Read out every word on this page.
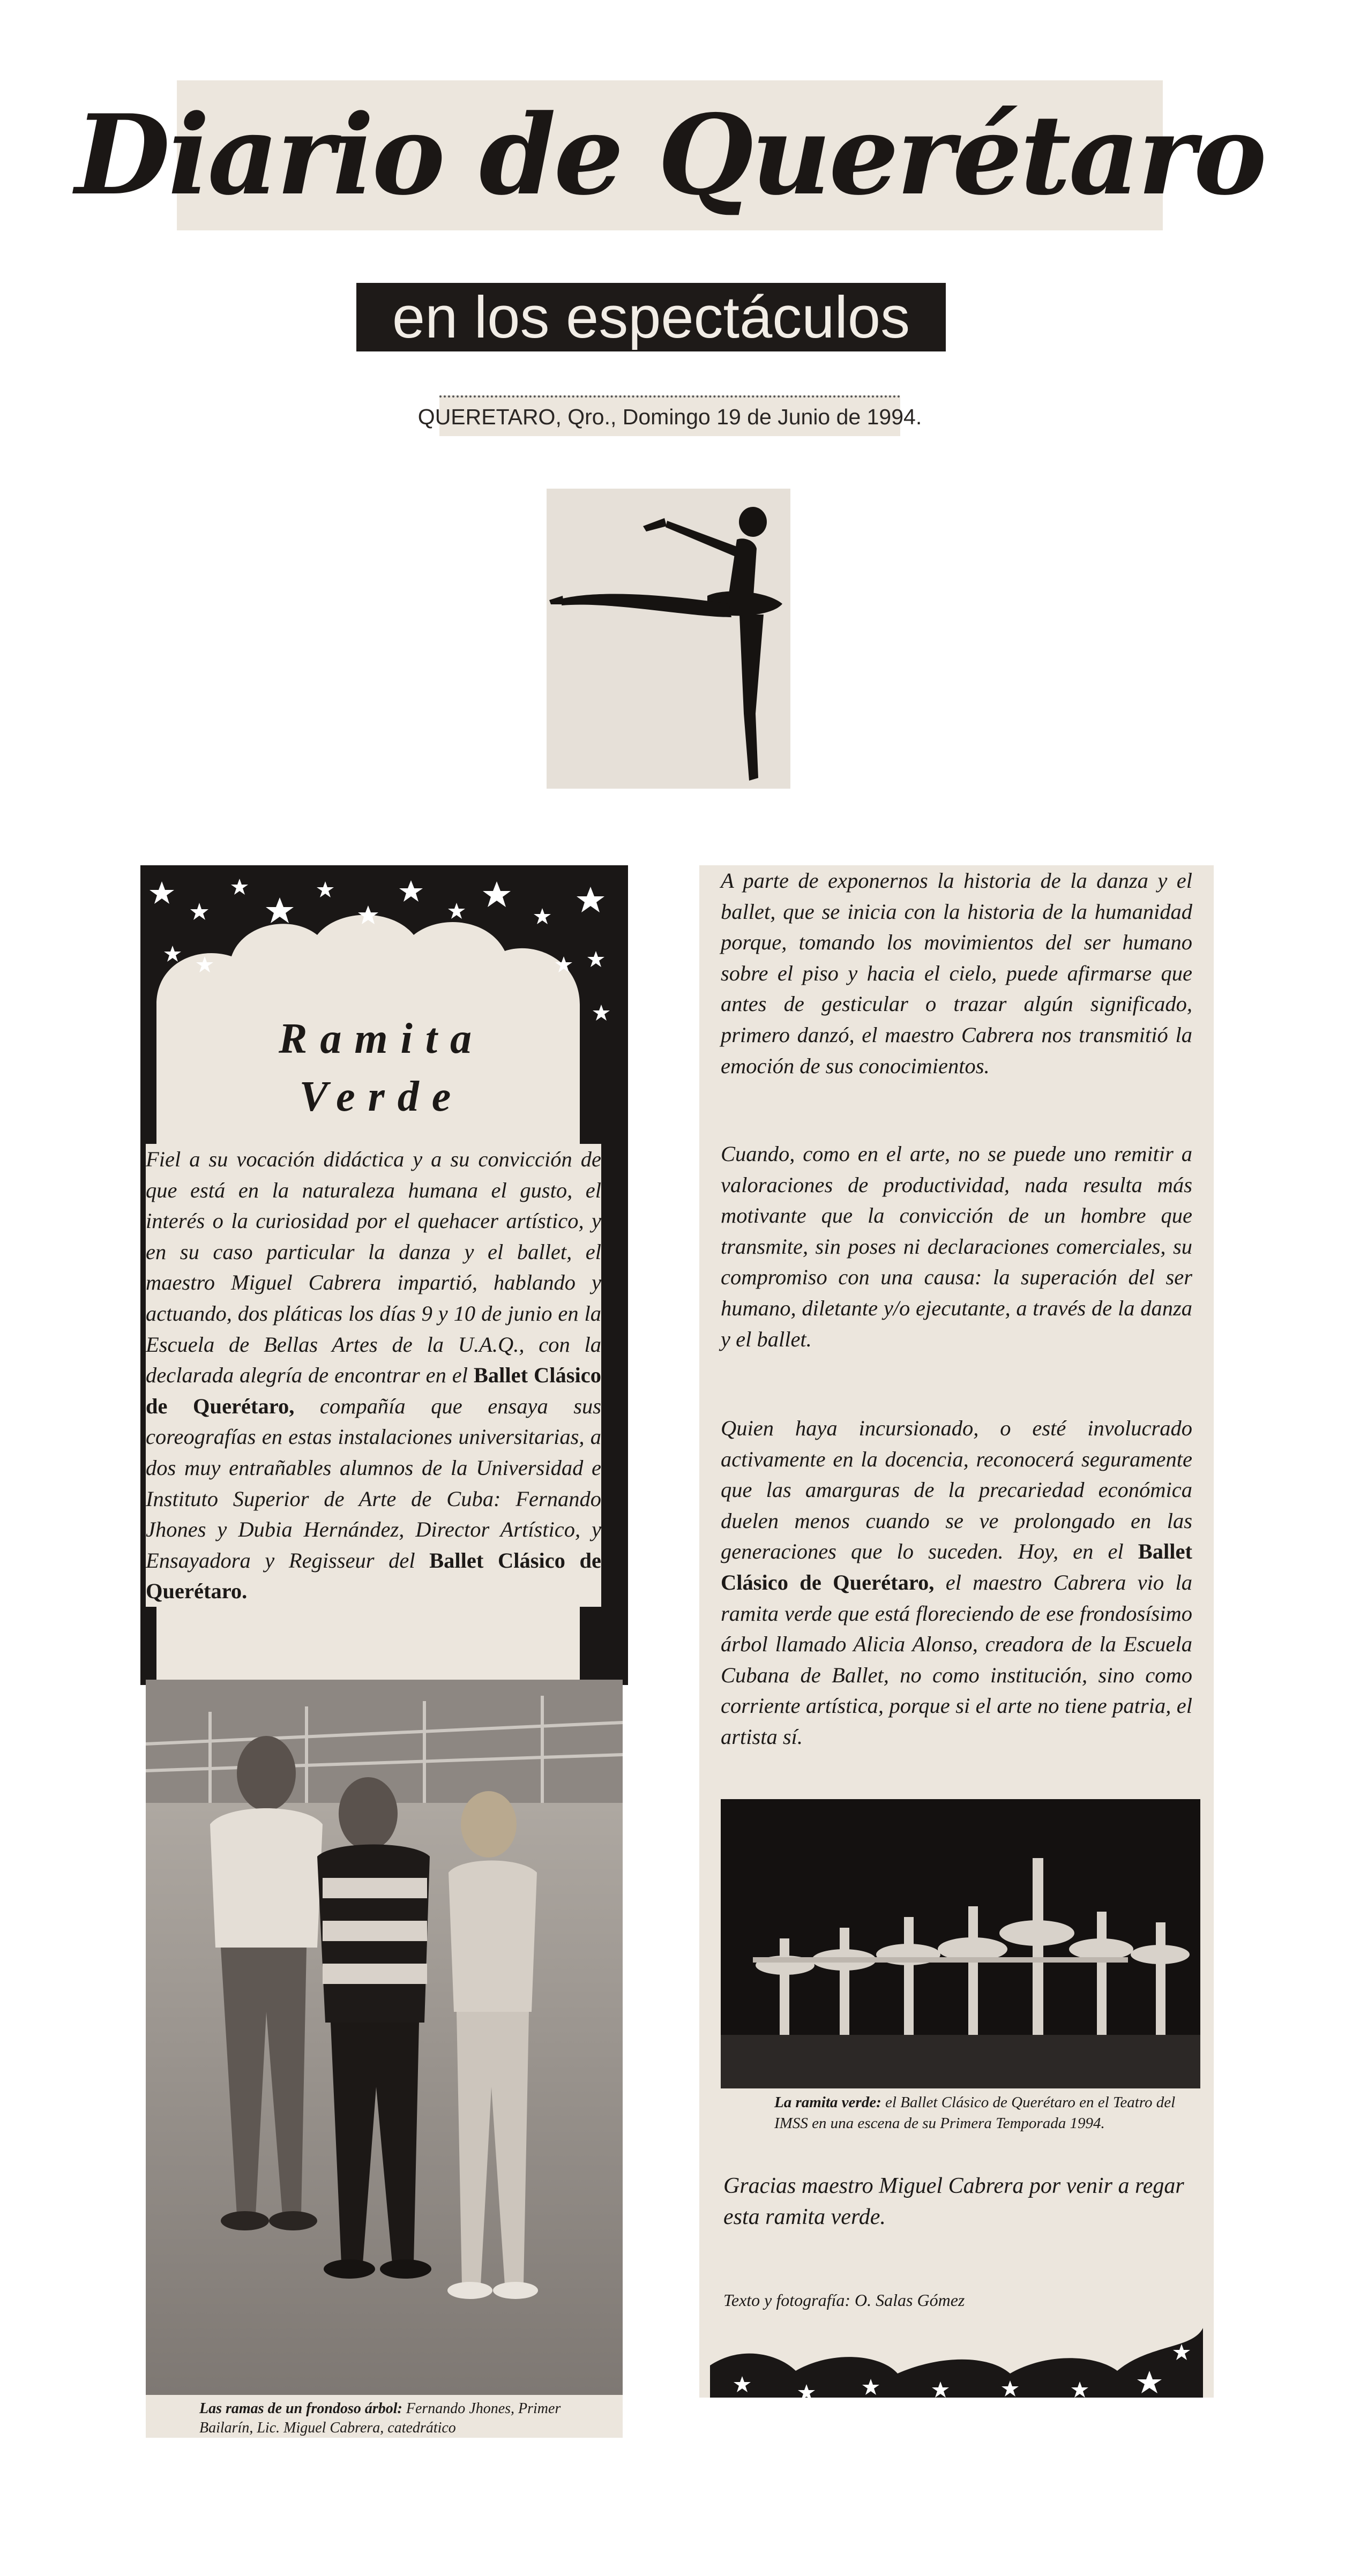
Diario de Querétaro
en los espectáculos
QUERETARO, Qro., Domingo 19 de Junio de 1994.
Ramita
Verde
Fiel a su vocación didáctica y a su convicción de que está en la naturaleza humana el gusto, el interés o la curiosidad por el quehacer artístico, y en su caso particular la danza y el ballet, el maestro Miguel Cabrera impartió, hablando y actuando, dos pláticas los días 9 y 10 de junio en la Escuela de Bellas Artes de la U.A.Q., con la declarada alegría de encontrar en el Ballet Clásico de Querétaro, compañía que ensaya sus coreografías en estas instalaciones universitarias, a dos muy entrañables alumnos de la Universidad e Instituto Superior de Arte de Cuba: Fernando Jhones y Dubia Hernández, Director Artístico, y Ensayadora y Regisseur del Ballet Clásico de Querétaro.
Las ramas de un frondoso árbol: Fernando Jhones, Primer Bailarín, Lic. Miguel Cabrera, catedrático
A parte de exponernos la historia de la danza y el ballet, que se inicia con la historia de la humanidad porque, tomando los movimientos del ser humano sobre el piso y hacia el cielo, puede afirmarse que antes de gesticular o trazar algún significado, primero danzó, el maestro Cabrera nos transmitió la emoción de sus conocimientos.
Cuando, como en el arte, no se puede uno remitir a valoraciones de productividad, nada resulta más motivante que la convicción de un hombre que transmite, sin poses ni declaraciones comerciales, su compromiso con una causa: la superación del ser humano, diletante y/o ejecutante, a través de la danza y el ballet.
Quien haya incursionado, o esté involucrado activamente en la docencia, reconocerá seguramente que las amarguras de la precariedad económica duelen menos cuando se ve prolongado en las generaciones que lo suceden. Hoy, en el Ballet Clásico de Querétaro, el maestro Cabrera vio la ramita verde que está floreciendo de ese frondosísimo árbol llamado Alicia Alonso, creadora de la Escuela Cubana de Ballet, no como institución, sino como corriente artística, porque si el arte no tiene patria, el artista sí.
La ramita verde: el Ballet Clásico de Querétaro en el Teatro del IMSS en una escena de su Primera Temporada 1994.
Gracias maestro Miguel Cabrera por venir a regar esta ramita verde.
Texto y fotografía: O. Salas Gómez
